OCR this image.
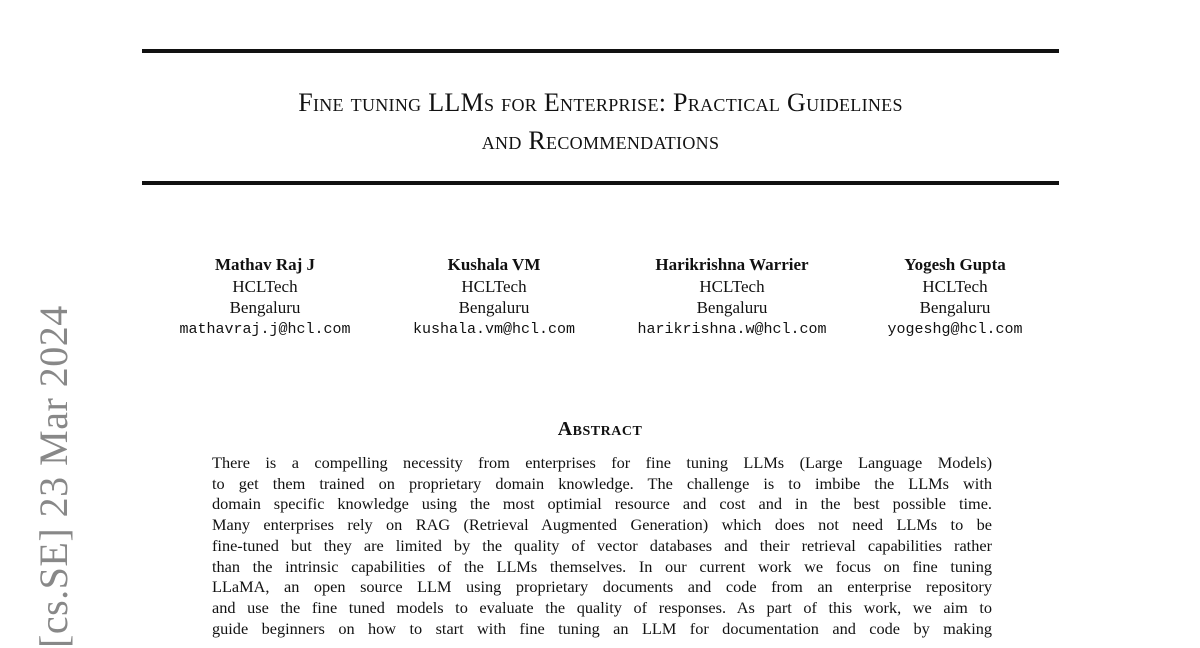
[cs.SE] 23 Mar 2024
Fine tuning LLMs for Enterprise: Practical Guidelines
and Recommendations
Mathav Raj J
HCLTech
Bengaluru
mathavraj.j@hcl.com
Kushala VM
HCLTech
Bengaluru
kushala.vm@hcl.com
Harikrishna Warrier
HCLTech
Bengaluru
harikrishna.w@hcl.com
Yogesh Gupta
HCLTech
Bengaluru
yogeshg@hcl.com
Abstract
There is a compelling necessity from enterprises for fine tuning LLMs (Large Language Models)
to get them trained on proprietary domain knowledge. The challenge is to imbibe the LLMs with
domain specific knowledge using the most optimial resource and cost and in the best possible time.
Many enterprises rely on RAG (Retrieval Augmented Generation) which does not need LLMs to be
fine-tuned but they are limited by the quality of vector databases and their retrieval capabilities rather
than the intrinsic capabilities of the LLMs themselves. In our current work we focus on fine tuning
LLaMA, an open source LLM using proprietary documents and code from an enterprise repository
and use the fine tuned models to evaluate the quality of responses. As part of this work, we aim to
guide beginners on how to start with fine tuning an LLM for documentation and code by making
